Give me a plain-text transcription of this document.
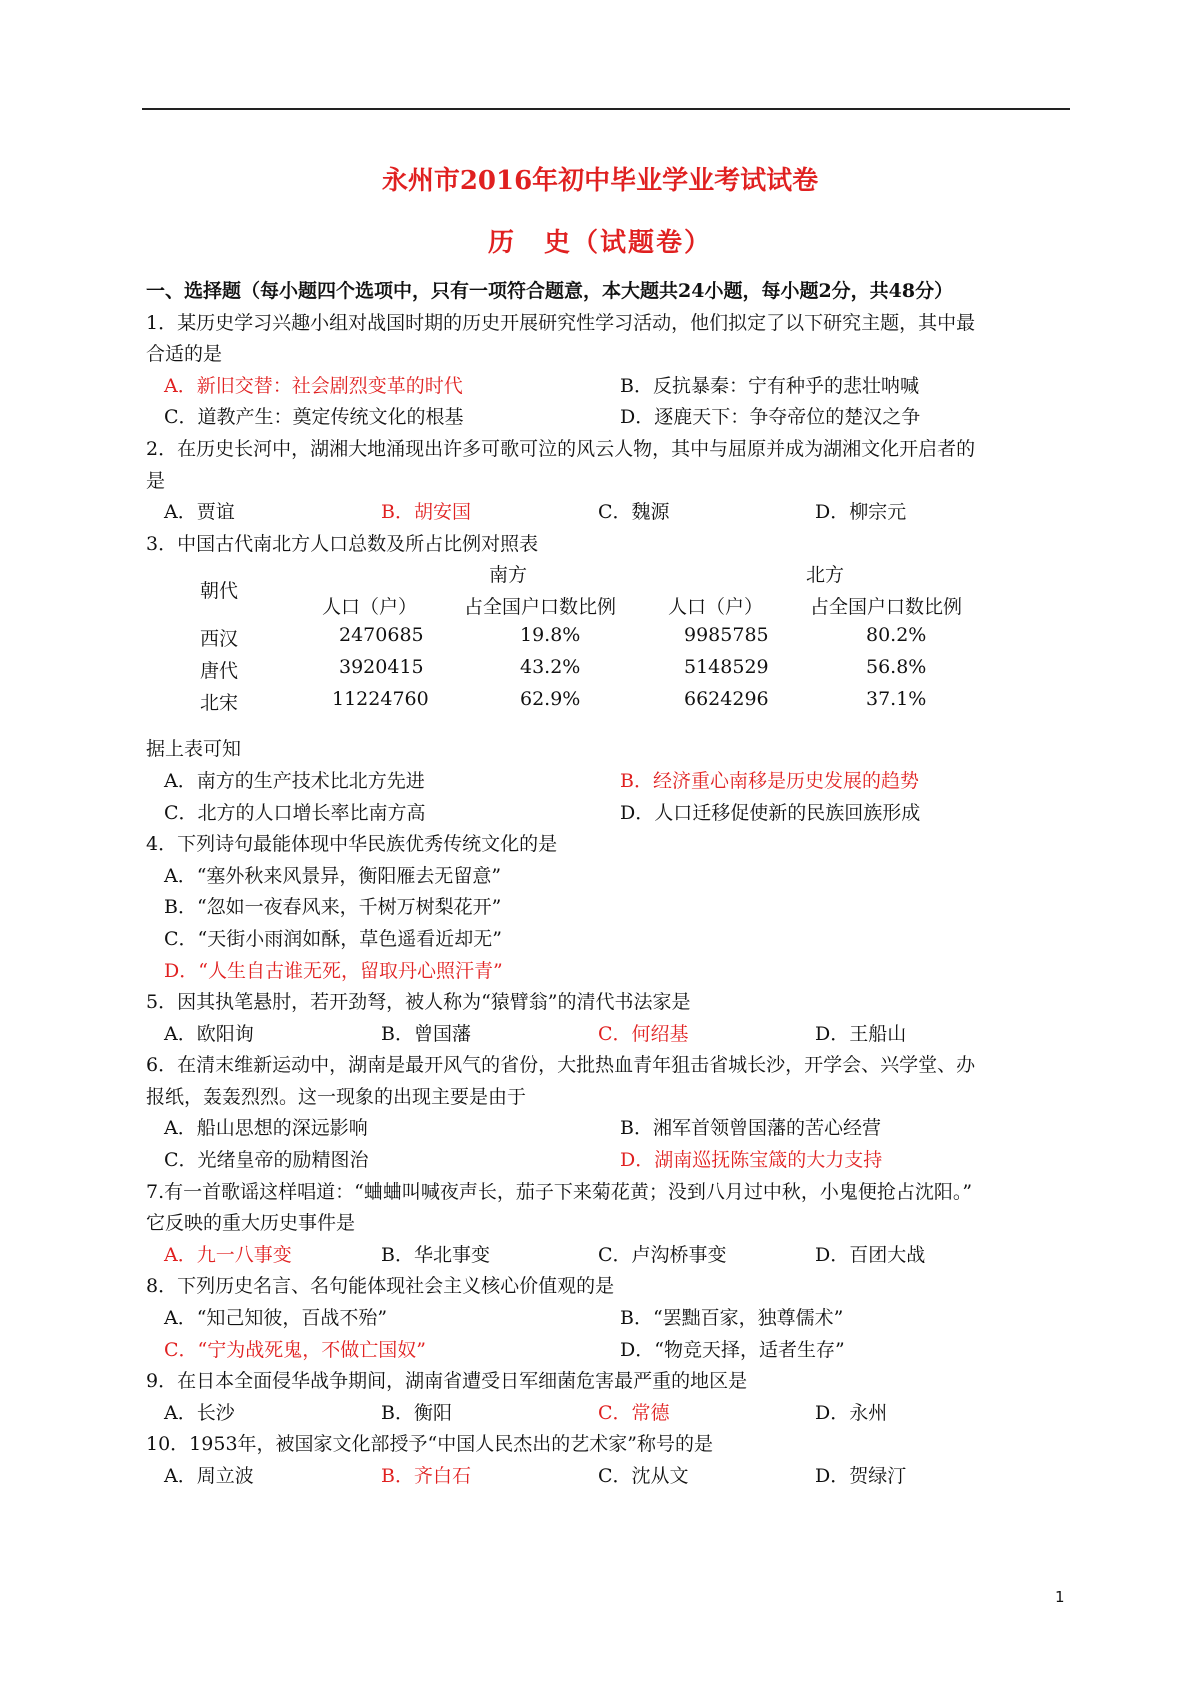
永州市2016年初中毕业学业考试试卷
历　史（试题卷）
一、选择题（每小题四个选项中，只有一项符合题意，本大题共24小题，每小题2分，共48分）
1．某历史学习兴趣小组对战国时期的历史开展研究性学习活动，他们拟定了以下研究主题，其中最
合适的是
A．新旧交替：社会剧烈变革的时代	B．反抗暴秦：宁有种乎的悲壮呐喊
C．道教产生：奠定传统文化的根基	D．逐鹿天下：争夺帝位的楚汉之争
2．在历史长河中，湖湘大地涌现出许多可歌可泣的风云人物，其中与屈原并成为湖湘文化开启者的
是
A．贾谊	B．胡安国	C．魏源	D．柳宗元
3．中国古代南北方人口总数及所占比例对照表
南方	北方
朝代
人口（户） 占全国户口数比例	人口（户） 占全国户口数比例
西汉	2470685	19.8%	9985785	80.2%
唐代	3920415	43.2%	5148529	56.8%
北宋	11224760	62.9%	6624296	37.1%
据上表可知
A．南方的生产技术比北方先进	B．经济重心南移是历史发展的趋势
C．北方的人口增长率比南方高	D．人口迁移促使新的民族回族形成
4．下列诗句最能体现中华民族优秀传统文化的是
A．“塞外秋来风景异，衡阳雁去无留意”
B．“忽如一夜春风来，千树万树梨花开”
C．“天街小雨润如酥，草色遥看近却无”
D．“人生自古谁无死，留取丹心照汗青”
5．因其执笔悬肘，若开劲弩，被人称为“猿臂翁”的清代书法家是
A．欧阳询	B．曾国藩	C．何绍基	D．王船山
6．在清末维新运动中，湖南是最开风气的省份，大批热血青年狙击省城长沙，开学会、兴学堂、办
报纸，轰轰烈烈。这一现象的出现主要是由于
A．船山思想的深远影响	B．湘军首领曾国藩的苦心经营
C．光绪皇帝的励精图治	D．湖南巡抚陈宝箴的大力支持
7.有一首歌谣这样唱道：“蛐蛐叫喊夜声长，茄子下来菊花黄；没到八月过中秋，小鬼便抢占沈阳。”
它反映的重大历史事件是
A．九一八事变	B．华北事变	C．卢沟桥事变	D．百团大战
8．下列历史名言、名句能体现社会主义核心价值观的是
A．“知己知彼，百战不殆”	B．“罢黜百家，独尊儒术”
C．“宁为战死鬼，不做亡国奴”	D．“物竞天择，适者生存”
9．在日本全面侵华战争期间，湖南省遭受日军细菌危害最严重的地区是
A．长沙	B．衡阳	C．常德	D．永州
10．1953年，被国家文化部授予“中国人民杰出的艺术家”称号的是
A．周立波	B．齐白石	C．沈从文	D．贺绿汀
1
